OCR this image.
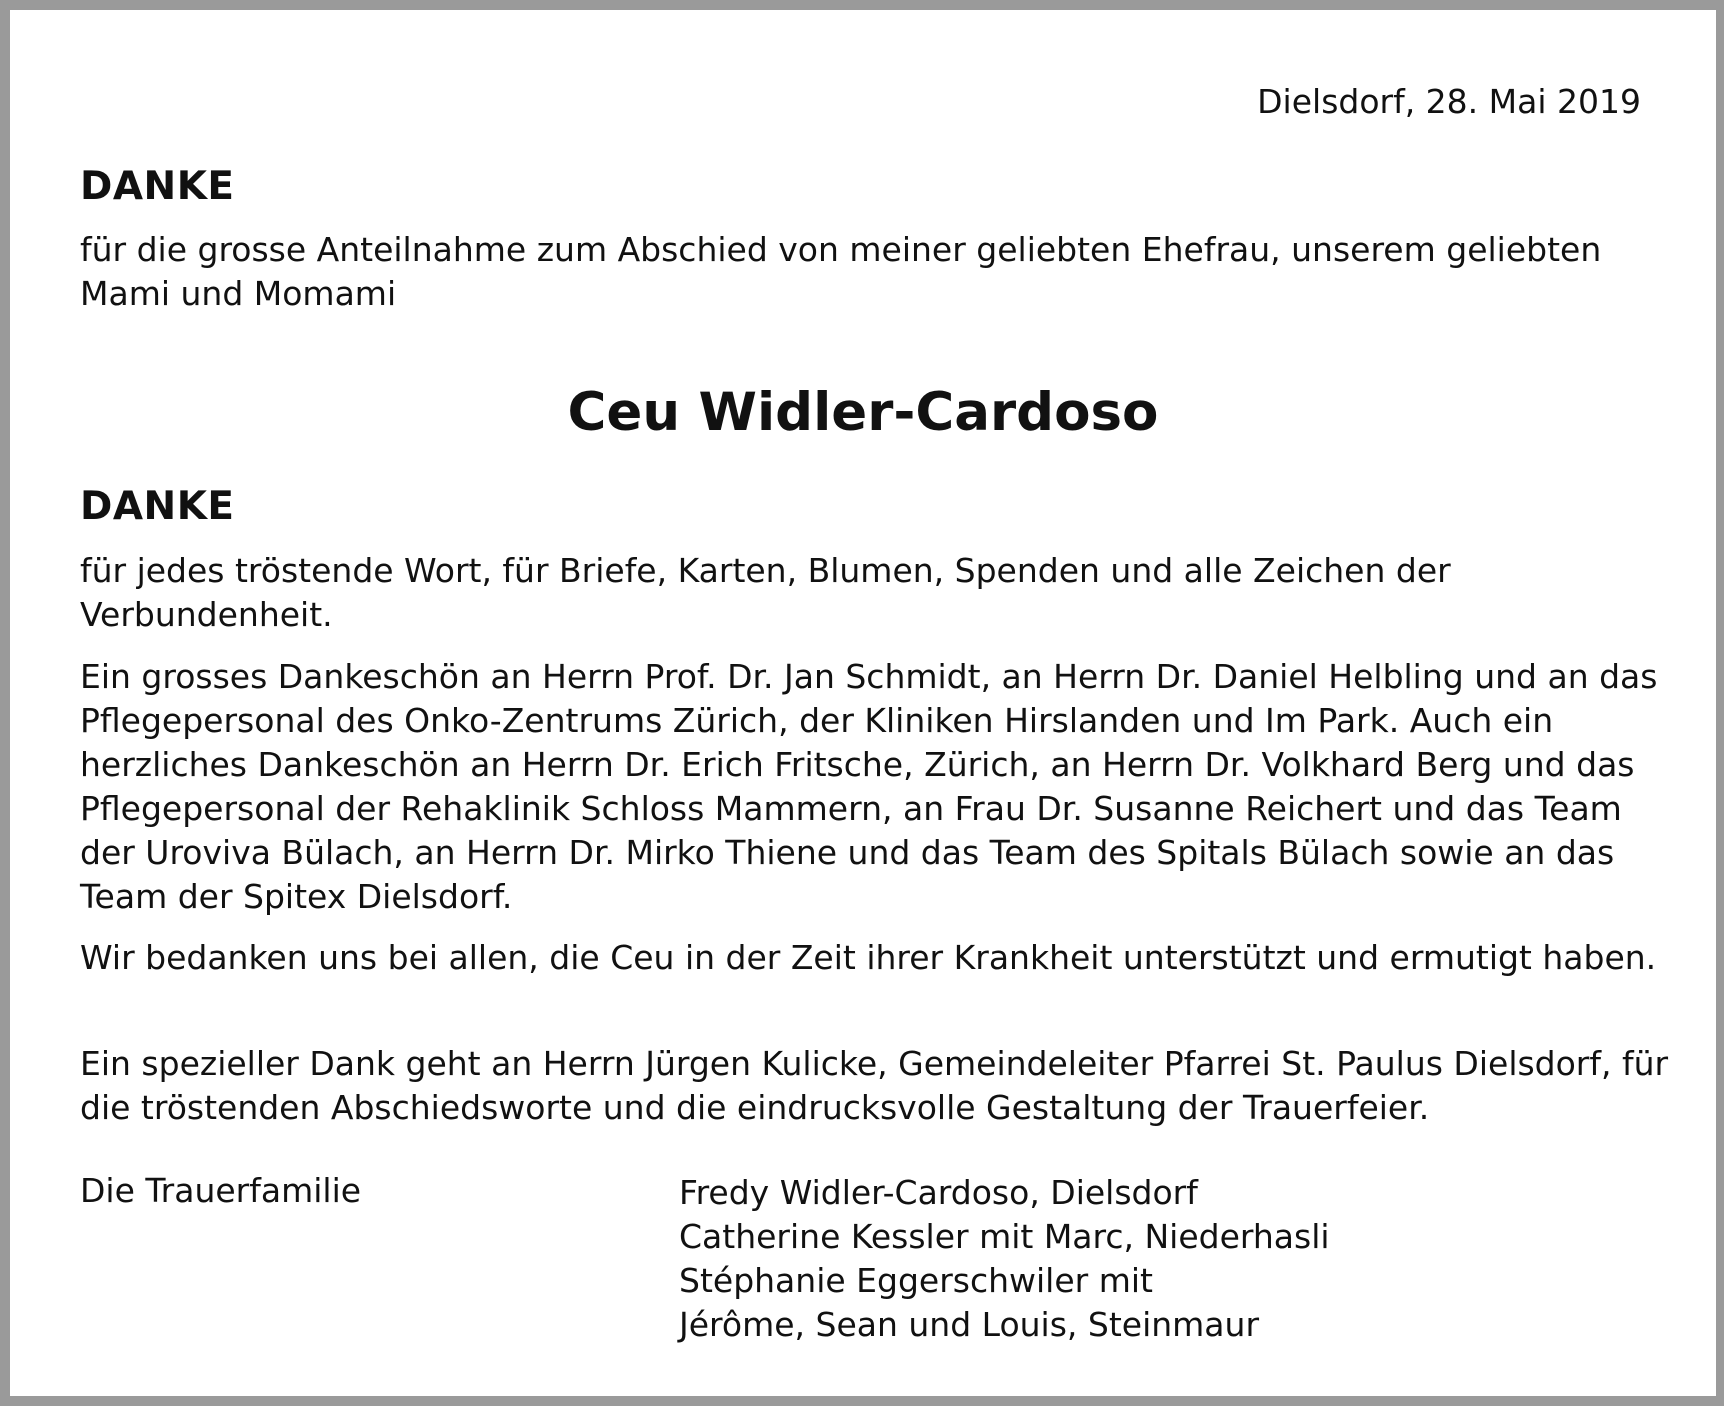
Dielsdorf, 28. Mai 2019
DANKE
für die grosse Anteilnahme zum Abschied von meiner geliebten Ehefrau, unserem geliebten Mami und Momami
Ceu Widler-Cardoso
DANKE
für jedes tröstende Wort, für Briefe, Karten, Blumen, Spenden und alle Zeichen der Verbundenheit.
Ein grosses Dankeschön an Herrn Prof. Dr. Jan Schmidt, an Herrn Dr. Daniel Helbling und an das Pflegepersonal des Onko-Zentrums Zürich, der Kliniken Hirslanden und Im Park. Auch ein herzliches Dankeschön an Herrn Dr. Erich Fritsche, Zürich, an Herrn Dr. Volkhard Berg und das Pflegepersonal der Rehaklinik Schloss Mammern, an Frau Dr. Susanne Reichert und das Team der Uroviva Bülach, an Herrn Dr. Mirko Thiene und das Team des Spitals Bülach sowie an das Team der Spitex Dielsdorf.
Wir bedanken uns bei allen, die Ceu in der Zeit ihrer Krankheit unterstützt und ermutigt haben.
Ein spezieller Dank geht an Herrn Jürgen Kulicke, Gemeindeleiter Pfarrei St. Paulus Dielsdorf, für die tröstenden Abschiedsworte und die eindrucksvolle Gestaltung der Trauerfeier.
Die Trauerfamilie	Fredy Widler-Cardoso, Dielsdorf
Catherine Kessler mit Marc, Niederhasli
Stéphanie Eggerschwiler mit
Jérôme, Sean und Louis, Steinmaur
